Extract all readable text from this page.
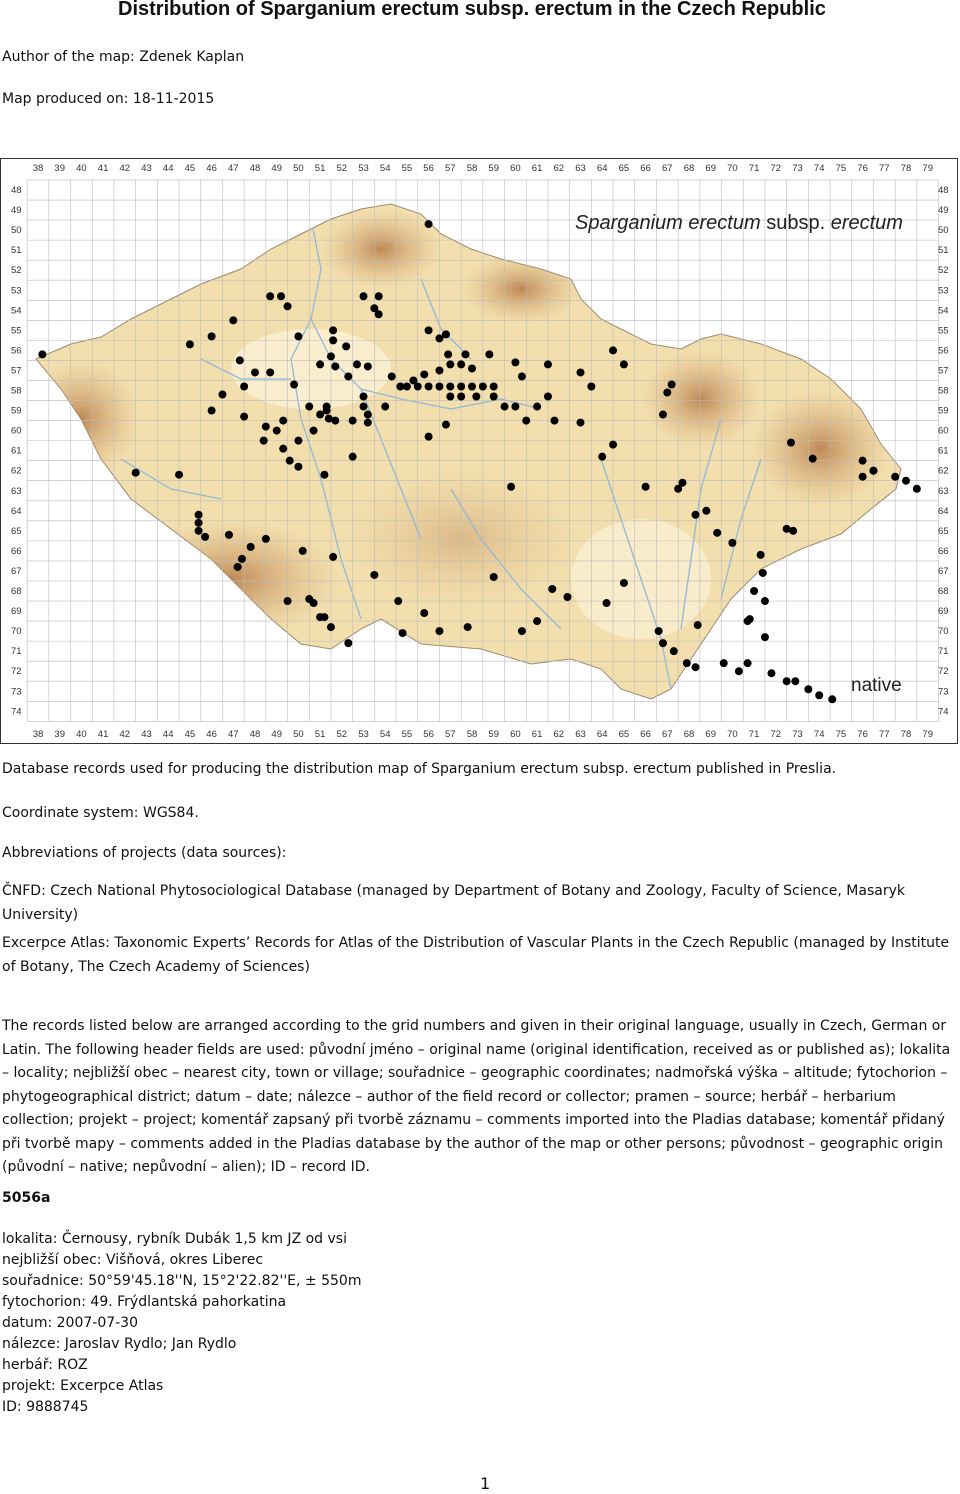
Distribution of Sparganium erectum subsp. erectum in the Czech Republic
Author of the map: Zdenek Kaplan
Map produced on: 18-11-2015
38
38
39
39
40
40
41
41
42
42
43
43
44
44
45
45
46
46
47
47
48
48
49
49
50
50
51
51
52
52
53
53
54
54
55
55
56
56
57
57
58
58
59
59
60
60
61
61
62
62
63
63
64
64
65
65
66
66
67
67
68
68
69
69
70
70
71
71
72
72
73
73
74
74
75
75
76
76
77
77
78
78
79
79
48	48
49	49
50	50
51	51
52	52
53	53
54	54
55	55
56	56
57	57
58	58
59	59
60	60
61	61
62	62
63	63
64	64
65	65
66	66
67	67
68	68
69	69
70	70
71	71
72	72
73	73
74	74
Sparganium erectum subsp. erectum
native
Database records used for producing the distribution map of Sparganium erectum subsp. erectum published in Preslia.
Coordinate system: WGS84.
Abbreviations of projects (data sources):
ČNFD: Czech National Phytosociological Database (managed by Department of Botany and Zoology, Faculty of Science, Masaryk University)
Excerpce Atlas: Taxonomic Experts’ Records for Atlas of the Distribution of Vascular Plants in the Czech Republic (managed by Institute of Botany, The Czech Academy of Sciences)
The records listed below are arranged according to the grid numbers and given in their original language, usually in Czech, German or Latin. The following header fields are used: původní jméno – original name (original identification, received as or published as); lokalita – locality; nejbližší obec – nearest city, town or village; souřadnice – geographic coordinates; nadmořská výška – altitude; fytochorion – phytogeographical district; datum – date; nálezce – author of the field record or collector; pramen – source; herbář – herbarium collection; projekt – project; komentář zapsaný při tvorbě záznamu – comments imported into the Pladias database; komentář přidaný při tvorbě mapy – comments added in the Pladias database by the author of the map or other persons; původnost – geographic origin (původní – native; nepůvodní – alien); ID – record ID.
5056a
lokalita: Černousy, rybník Dubák 1,5 km JZ od vsi
nejbližší obec: Višňová, okres Liberec
souřadnice: 50°59'45.18''N, 15°2'22.82''E, ± 550m
fytochorion: 49. Frýdlantská pahorkatina
datum: 2007-07-30
nálezce: Jaroslav Rydlo; Jan Rydlo
herbář: ROZ
projekt: Excerpce Atlas
ID: 9888745
1
